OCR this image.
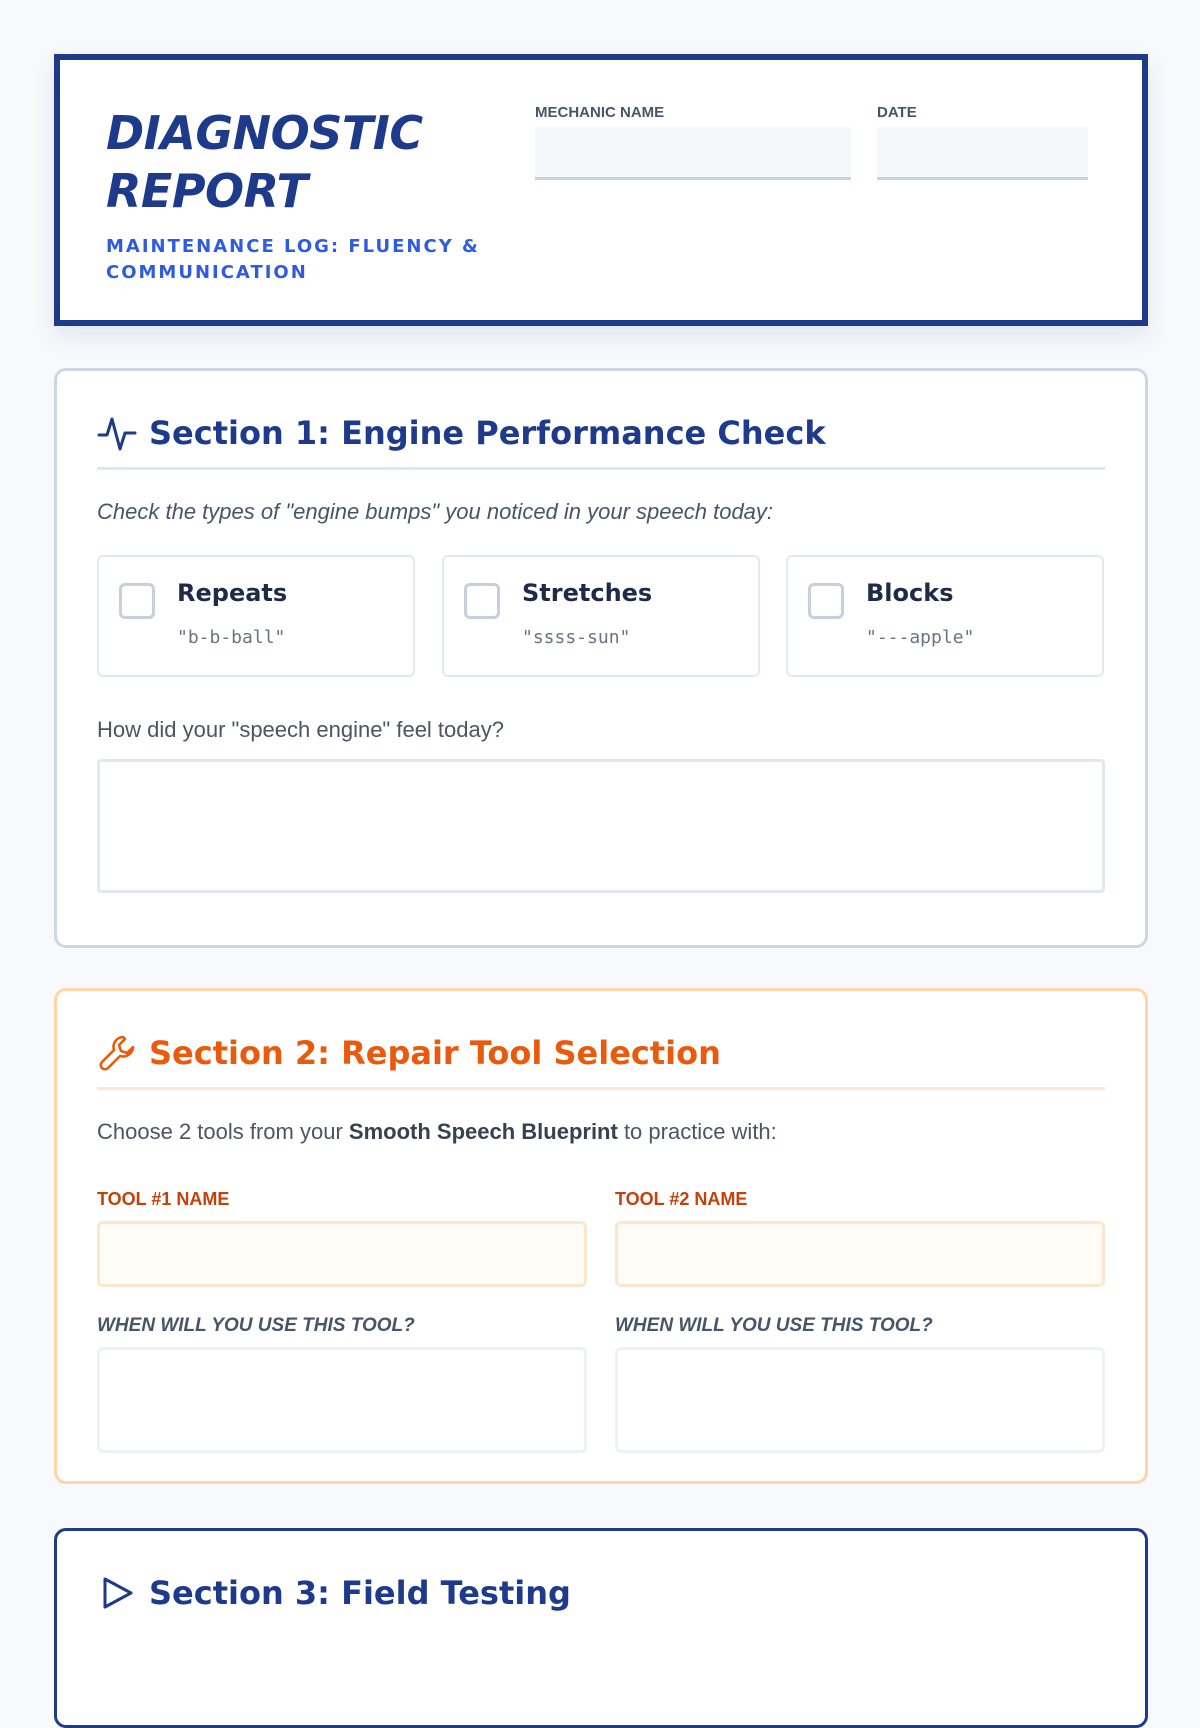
DIAGNOSTIC REPORT
MAINTENANCE LOG: FLUENCY & COMMUNICATION
MECHANIC NAME	DATE
Section 1: Engine Performance Check
Check the types of "engine bumps" you noticed in your speech today:
Repeats
"b-b-ball"
Stretches
"ssss-sun"
Blocks
"---apple"
How did your "speech engine" feel today?
Section 2: Repair Tool Selection
Choose 2 tools from your Smooth Speech Blueprint to practice with:
TOOL #1 NAME	TOOL #2 NAME
WHEN WILL YOU USE THIS TOOL?	WHEN WILL YOU USE THIS TOOL?
Section 3: Field Testing
